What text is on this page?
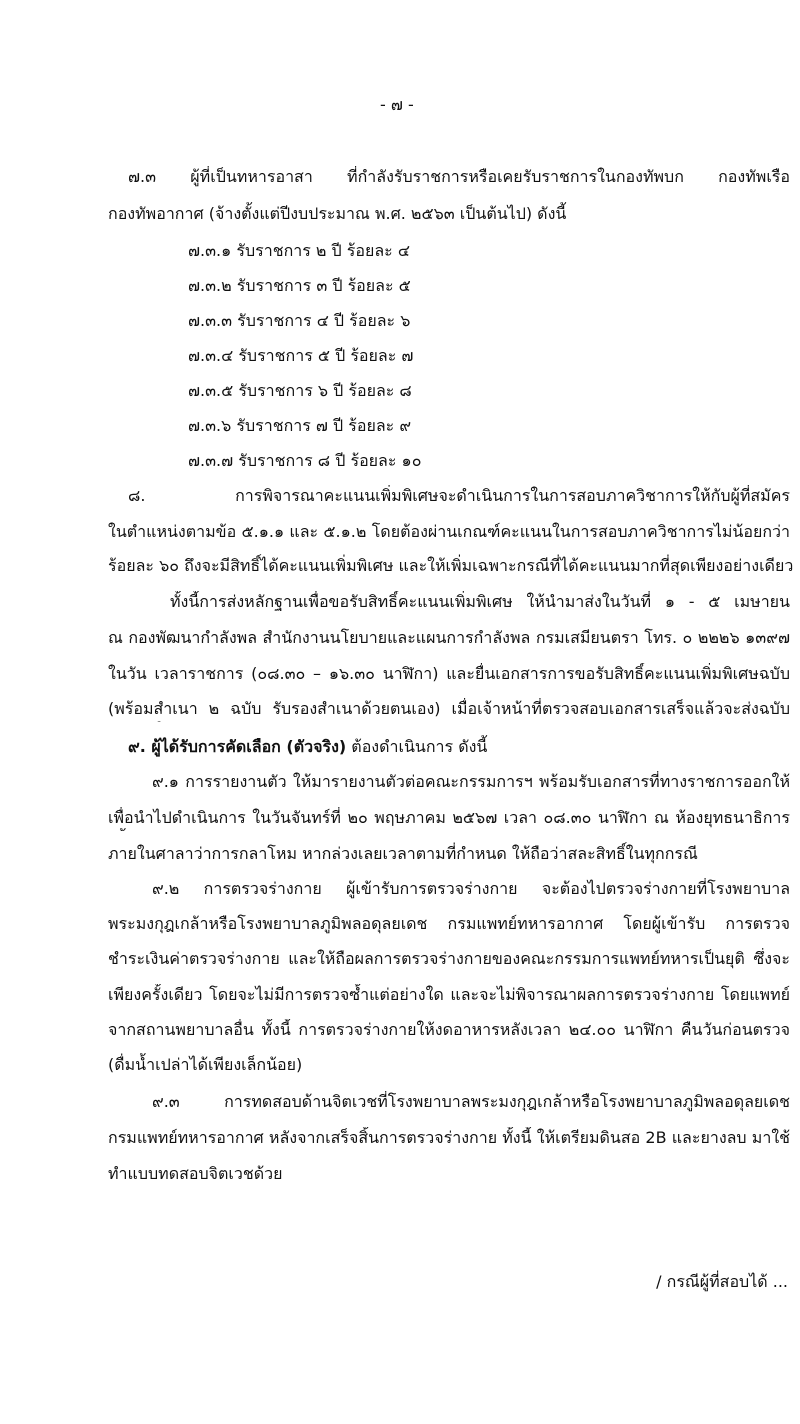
- ๗ -
๗.๓ ผู้ที่เป็นทหารอาสา ที่กำลังรับราชการหรือเคยรับราชการในกองทัพบก กองทัพเรือ
กองทัพอากาศ (จ้างตั้งแต่ปีงบประมาณ พ.ศ. ๒๕๖๓ เป็นต้นไป) ดังนี้
๗.๓.๑ รับราชการ ๒ ปี ร้อยละ ๔
๗.๓.๒ รับราชการ ๓ ปี ร้อยละ ๕
๗.๓.๓ รับราชการ ๔ ปี ร้อยละ ๖
๗.๓.๔ รับราชการ ๕ ปี ร้อยละ ๗
๗.๓.๕ รับราชการ ๖ ปี ร้อยละ ๘
๗.๓.๖ รับราชการ ๗ ปี ร้อยละ ๙
๗.๓.๗ รับราชการ ๘ ปี ร้อยละ ๑๐
๘. การพิจารณาคะแนนเพิ่มพิเศษจะดำเนินการในการสอบภาควิชาการให้กับผู้ที่สมัคร
ในตำแหน่งตามข้อ ๕.๑.๑ และ ๕.๑.๒ โดยต้องผ่านเกณฑ์คะแนนในการสอบภาควิชาการไม่น้อยกว่า
ร้อยละ ๖๐ ถึงจะมีสิทธิ์ได้คะแนนเพิ่มพิเศษ และให้เพิ่มเฉพาะกรณีที่ได้คะแนนมากที่สุดเพียงอย่างเดียว
ทั้งนี้การส่งหลักฐานเพื่อขอรับสิทธิ์คะแนนเพิ่มพิเศษ ให้นำมาส่งในวันที่ ๑ - ๕ เมษายน
ณ กองพัฒนากำลังพล สำนักงานนโยบายและแผนการกำลังพล กรมเสมียนตรา โทร. ๐ ๒๒๒๖ ๑๓๙๗
ในวัน เวลาราชการ (๐๘.๓๐ – ๑๖.๓๐ นาฬิกา) และยื่นเอกสารการขอรับสิทธิ์คะแนนเพิ่มพิเศษฉบับ
(พร้อมสำเนา ๒ ฉบับ รับรองสำเนาด้วยตนเอง) เมื่อเจ้าหน้าที่ตรวจสอบเอกสารเสร็จแล้วจะส่งฉบับ
๙. ผู้ได้รับการคัดเลือก (ตัวจริง) ต้องดำเนินการ ดังนี้
๙.๑ การรายงานตัว ให้มารายงานตัวต่อคณะกรรมการฯ พร้อมรับเอกสารที่ทางราชการออกให้
เพื่อนำไปดำเนินการ ในวันจันทร์ที่ ๒๐ พฤษภาคม ๒๕๖๗ เวลา ๐๘.๓๐ นาฬิกา ณ ห้องยุทธนาธิการ
ภายในศาลาว่าการกลาโหม หากล่วงเลยเวลาตามที่กำหนด ให้ถือว่าสละสิทธิ์ในทุกกรณี
๙.๒ การตรวจร่างกาย ผู้เข้ารับการตรวจร่างกาย จะต้องไปตรวจร่างกายที่โรงพยาบาล
พระมงกุฎเกล้าหรือโรงพยาบาลภูมิพลอดุลยเดช กรมแพทย์ทหารอากาศ โดยผู้เข้ารับ การตรวจ
ชำระเงินค่าตรวจร่างกาย และให้ถือผลการตรวจร่างกายของคณะกรรมการแพทย์ทหารเป็นยุติ ซึ่งจะ
เพียงครั้งเดียว โดยจะไม่มีการตรวจซ้ำแต่อย่างใด และจะไม่พิจารณาผลการตรวจร่างกาย โดยแพทย์
จากสถานพยาบาลอื่น ทั้งนี้ การตรวจร่างกายให้งดอาหารหลังเวลา ๒๔.๐๐ นาฬิกา คืนวันก่อนตรวจ
(ดื่มน้ำเปล่าได้เพียงเล็กน้อย)
๙.๓ การทดสอบด้านจิตเวชที่โรงพยาบาลพระมงกุฎเกล้าหรือโรงพยาบาลภูมิพลอดุลยเดช
กรมแพทย์ทหารอากาศ หลังจากเสร็จสิ้นการตรวจร่างกาย ทั้งนี้ ให้เตรียมดินสอ 2B และยางลบ มาใช้
ทำแบบทดสอบจิตเวชด้วย
/ กรณีผู้ที่สอบได้ ...
